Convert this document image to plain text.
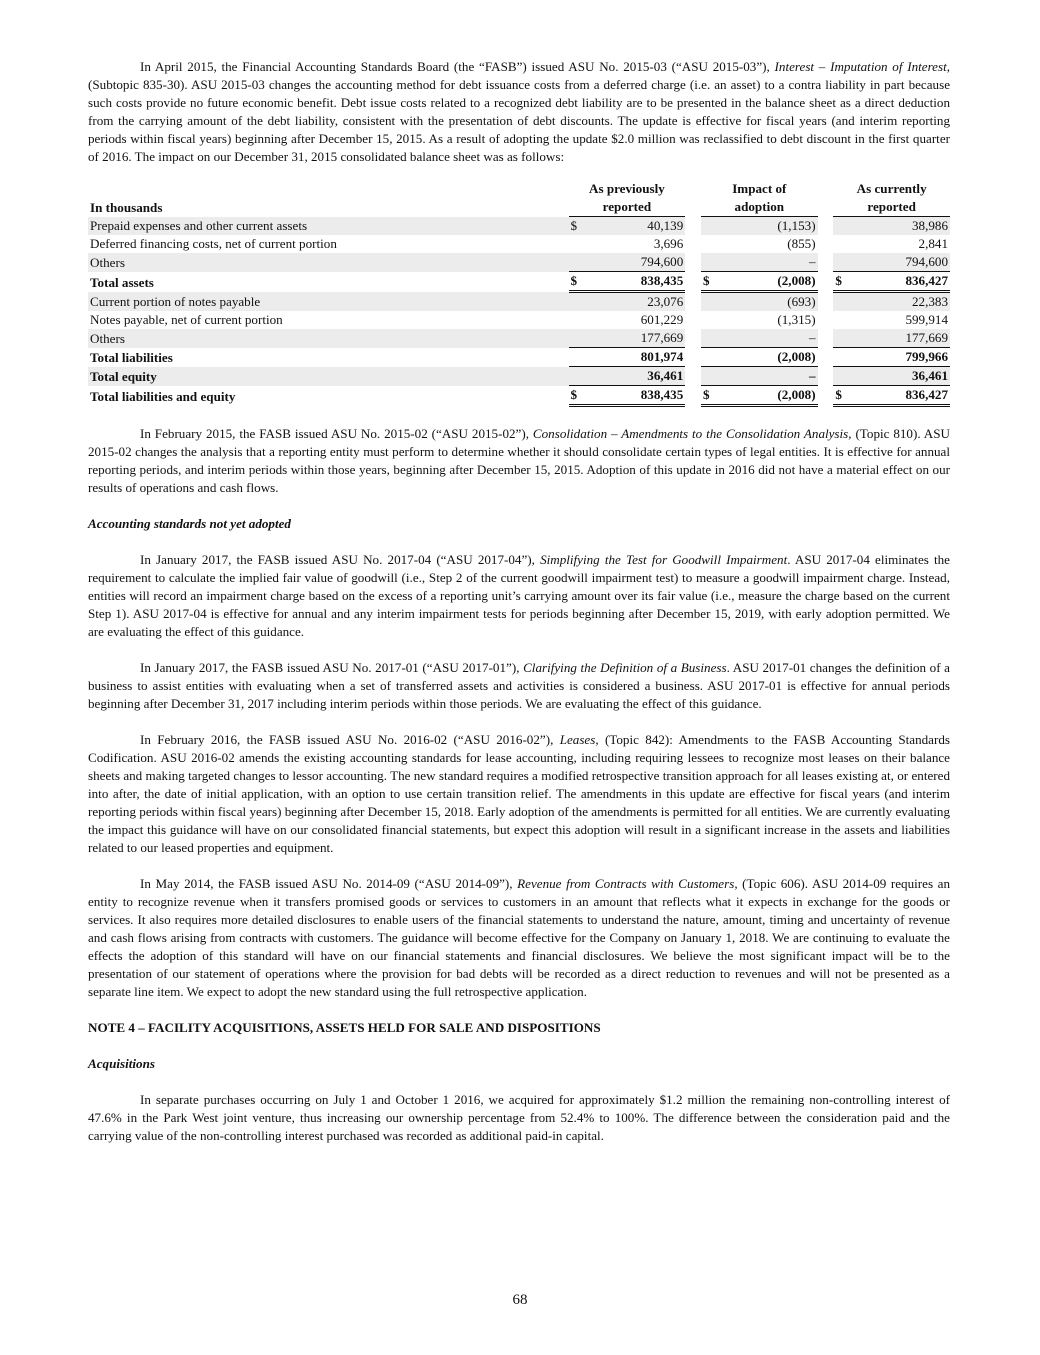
In April 2015, the Financial Accounting Standards Board (the “FASB”) issued ASU No. 2015-03 (“ASU 2015-03”), Interest – Imputation of Interest, (Subtopic 835-30). ASU 2015-03 changes the accounting method for debt issuance costs from a deferred charge (i.e. an asset) to a contra liability in part because such costs provide no future economic benefit. Debt issue costs related to a recognized debt liability are to be presented in the balance sheet as a direct deduction from the carrying amount of the debt liability, consistent with the presentation of debt discounts. The update is effective for fiscal years (and interim reporting periods within fiscal years) beginning after December 15, 2015. As a result of adopting the update $2.0 million was reclassified to debt discount in the first quarter of 2016. The impact on our December 31, 2015 consolidated balance sheet was as follows:

	As previously			Impact of			As currently	
In thousands	reported			adoption			reported	
Prepaid expenses and other current assets	$	40,139			(1,153)			38,986
Deferred financing costs, net of current portion		3,696			(855)			2,841
Others		794,600			–			794,600
Total assets	$	838,435		$	(2,008)		$	836,427
Current portion of notes payable		23,076			(693)			22,383
Notes payable, net of current portion		601,229			(1,315)			599,914
Others		177,669			–			177,669
Total liabilities		801,974			(2,008)			799,966
Total equity		36,461			–			36,461
Total liabilities and equity	$	838,435		$	(2,008)		$	836,427

In February 2015, the FASB issued ASU No. 2015-02 (“ASU 2015-02”), Consolidation – Amendments to the Consolidation Analysis, (Topic 810). ASU 2015-02 changes the analysis that a reporting entity must perform to determine whether it should consolidate certain types of legal entities. It is effective for annual reporting periods, and interim periods within those years, beginning after December 15, 2015. Adoption of this update in 2016 did not have a material effect on our results of operations and cash flows.

Accounting standards not yet adopted

In January 2017, the FASB issued ASU No. 2017-04 (“ASU 2017-04”), Simplifying the Test for Goodwill Impairment. ASU 2017-04 eliminates the requirement to calculate the implied fair value of goodwill (i.e., Step 2 of the current goodwill impairment test) to measure a goodwill impairment charge. Instead, entities will record an impairment charge based on the excess of a reporting unit’s carrying amount over its fair value (i.e., measure the charge based on the current Step 1). ASU 2017-04 is effective for annual and any interim impairment tests for periods beginning after December 15, 2019, with early adoption permitted. We are evaluating the effect of this guidance.

In January 2017, the FASB issued ASU No. 2017-01 (“ASU 2017-01”), Clarifying the Definition of a Business. ASU 2017-01 changes the definition of a business to assist entities with evaluating when a set of transferred assets and activities is considered a business. ASU 2017-01 is effective for annual periods beginning after December 31, 2017 including interim periods within those periods. We are evaluating the effect of this guidance.

In February 2016, the FASB issued ASU No. 2016-02 (“ASU 2016-02”), Leases, (Topic 842): Amendments to the FASB Accounting Standards Codification. ASU 2016-02 amends the existing accounting standards for lease accounting, including requiring lessees to recognize most leases on their balance sheets and making targeted changes to lessor accounting. The new standard requires a modified retrospective transition approach for all leases existing at, or entered into after, the date of initial application, with an option to use certain transition relief. The amendments in this update are effective for fiscal years (and interim reporting periods within fiscal years) beginning after December 15, 2018. Early adoption of the amendments is permitted for all entities. We are currently evaluating the impact this guidance will have on our consolidated financial statements, but expect this adoption will result in a significant increase in the assets and liabilities related to our leased properties and equipment.

In May 2014, the FASB issued ASU No. 2014-09 (“ASU 2014-09”), Revenue from Contracts with Customers, (Topic 606). ASU 2014-09 requires an entity to recognize revenue when it transfers promised goods or services to customers in an amount that reflects what it expects in exchange for the goods or services. It also requires more detailed disclosures to enable users of the financial statements to understand the nature, amount, timing and uncertainty of revenue and cash flows arising from contracts with customers. The guidance will become effective for the Company on January 1, 2018. We are continuing to evaluate the effects the adoption of this standard will have on our financial statements and financial disclosures. We believe the most significant impact will be to the presentation of our statement of operations where the provision for bad debts will be recorded as a direct reduction to revenues and will not be presented as a separate line item. We expect to adopt the new standard using the full retrospective application.

NOTE 4 – FACILITY ACQUISITIONS, ASSETS HELD FOR SALE AND DISPOSITIONS
Acquisitions

In separate purchases occurring on July 1 and October 1 2016, we acquired for approximately $1.2 million the remaining non-controlling interest of 47.6% in the Park West joint venture, thus increasing our ownership percentage from 52.4% to 100%. The difference between the consideration paid and the carrying value of the non-controlling interest purchased was recorded as additional paid-in capital.

68
